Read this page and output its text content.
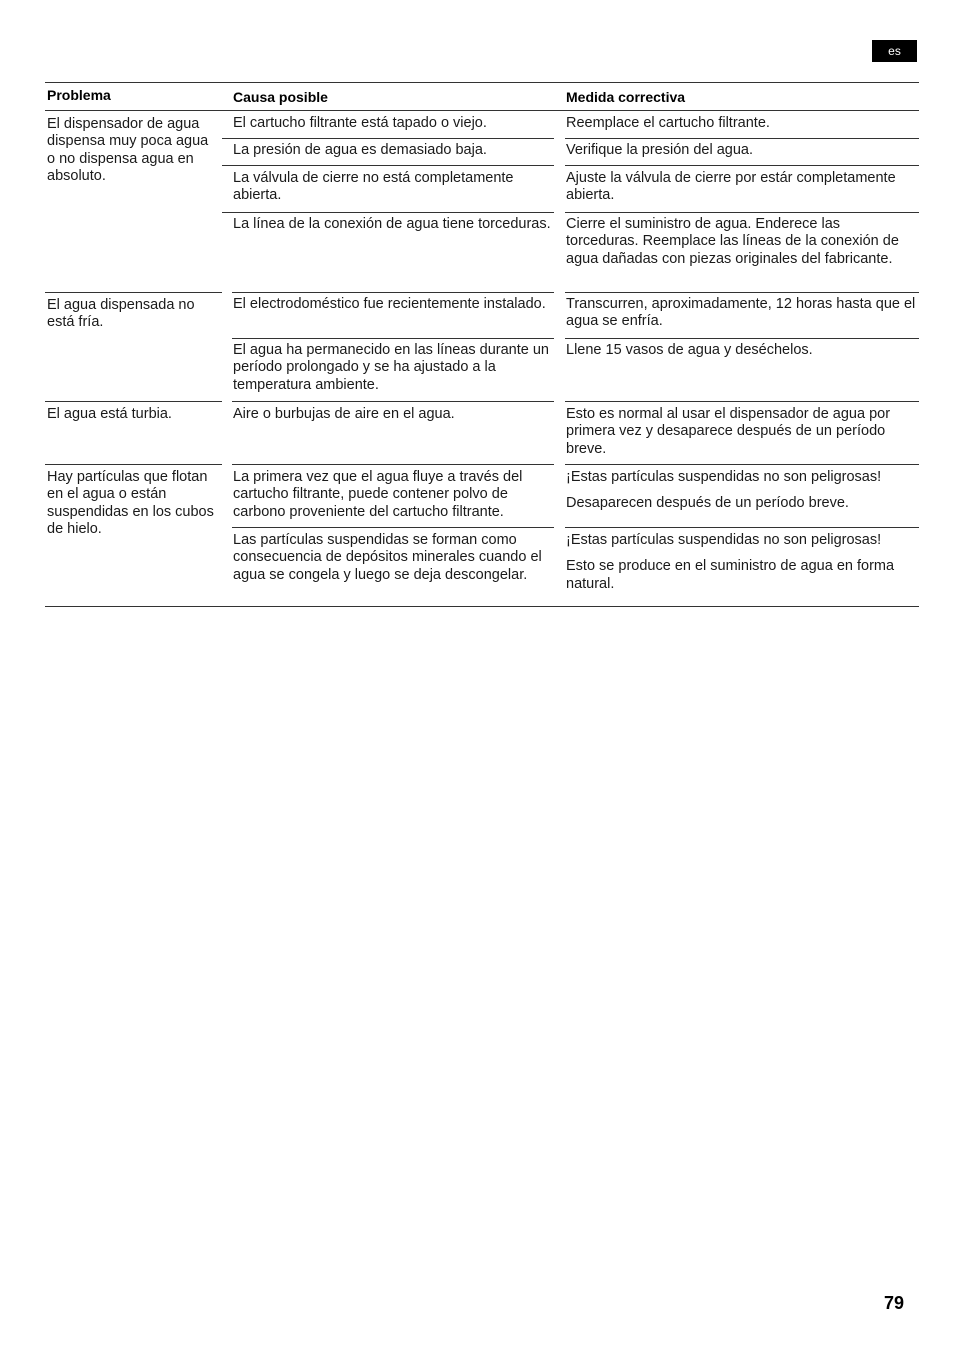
es
Problema	Causa posible	Medida correctiva
El dispensador de agua dispensa muy poca agua o no dispensa agua en absoluto.
El agua dispensada no está fría.
El agua está turbia.
Hay partículas que flotan en el agua o están suspendidas en los cubos de hielo.
El cartucho filtrante está tapado o viejo.
La presión de agua es demasiado baja.
La válvula de cierre no está completamente abierta.
La línea de la conexión de agua tiene torceduras.
El electrodoméstico fue recientemente instalado.
El agua ha permanecido en las líneas durante un período prolongado y se ha ajustado a la temperatura ambiente.
Aire o burbujas de aire en el agua.
La primera vez que el agua fluye a través del cartucho filtrante, puede contener polvo de carbono proveniente del cartucho filtrante.
Las partículas suspendidas se forman como consecuencia de depósitos minerales cuando el agua se congela y luego se deja descongelar.
Reemplace el cartucho filtrante.
Verifique la presión del agua.
Ajuste la válvula de cierre por estár completamente abierta.
Cierre el suministro de agua. Enderece las torceduras. Reemplace las líneas de la conexión de agua dañadas con piezas originales del fabricante.
Transcurren, aproximadamente, 12 horas hasta que el agua se enfría.
Llene 15 vasos de agua y deséchelos.
Esto es normal al usar el dispensador de agua por primera vez y desaparece después de un período breve.
¡Estas partículas suspendidas no son peligrosas!
Desaparecen después de un período breve.
¡Estas partículas suspendidas no son peligrosas!
Esto se produce en el suministro de agua en forma natural.
79
